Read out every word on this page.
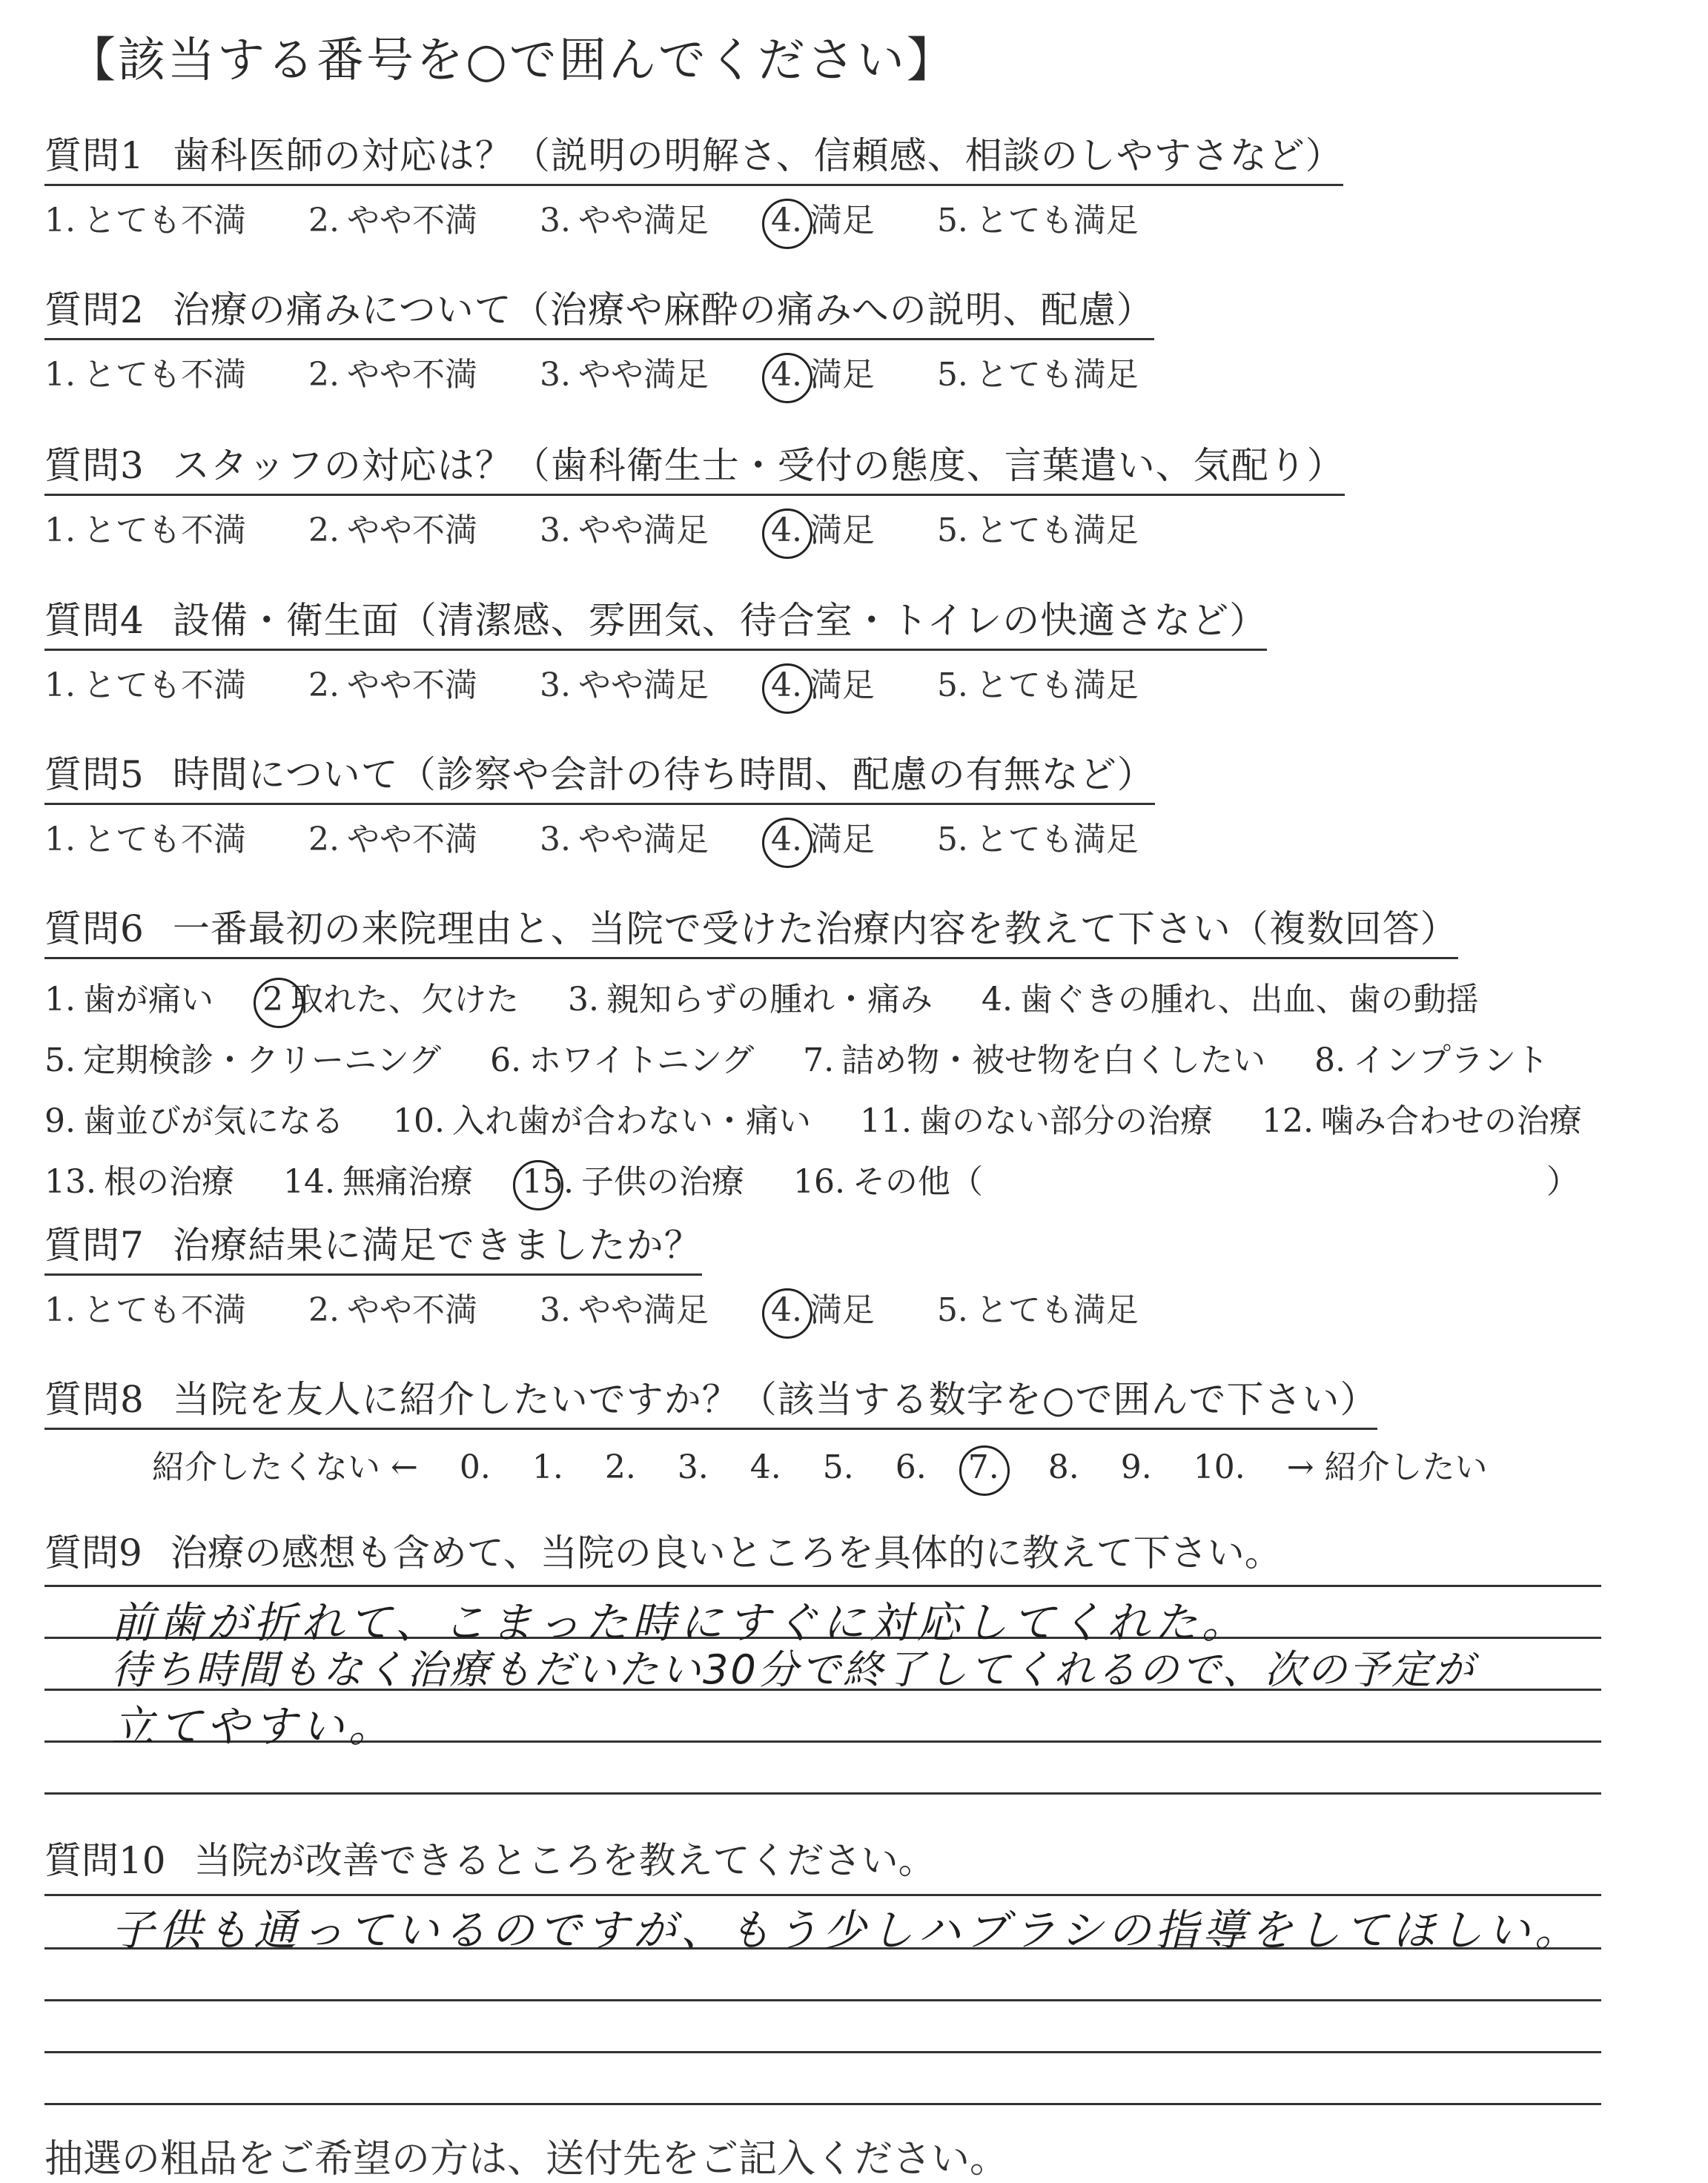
【該当する番号を○で囲んでください】
質問1 歯科医師の対応は？（説明の明解さ、信頼感、相談のしやすさなど）
1. とても不満 2. やや不満 3. やや満足 4. 満足 5. とても満足
質問2 治療の痛みについて（治療や麻酔の痛みへの説明、配慮）
1. とても不満 2. やや不満 3. やや満足 4. 満足 5. とても満足
質問3 スタッフの対応は？（歯科衛生士・受付の態度、言葉遣い、気配り）
1. とても不満 2. やや不満 3. やや満足 4. 満足 5. とても満足
質問4 設備・衛生面（清潔感、雰囲気、待合室・トイレの快適さなど）
1. とても不満 2. やや不満 3. やや満足 4. 満足 5. とても満足
質問5 時間について（診察や会計の待ち時間、配慮の有無など）
1. とても不満 2. やや不満 3. やや満足 4. 満足 5. とても満足
質問6 一番最初の来院理由と、当院で受けた治療内容を教えて下さい（複数回答）
1. 歯が痛い 2 取れた、欠けた 3. 親知らずの腫れ・痛み 4. 歯ぐきの腫れ、出血、歯の動揺
5. 定期検診・クリーニング 6. ホワイトニング 7. 詰め物・被せ物を白くしたい 8. インプラント
9. 歯並びが気になる 10. 入れ歯が合わない・痛い 11. 歯のない部分の治療 12. 噛み合わせの治療
13. 根の治療 14. 無痛治療 15. 子供の治療 16. その他（	）
質問7 治療結果に満足できましたか？
1. とても不満 2. やや不満 3. やや満足 4. 満足 5. とても満足
質問8 当院を友人に紹介したいですか？（該当する数字を○で囲んで下さい）
紹介したくない ← 0. 1. 2. 3. 4. 5. 6. 7. 8. 9. 10. → 紹介したい
質問9 治療の感想も含めて、当院の良いところを具体的に教えて下さい。
前歯が折れて、こまった時にすぐに対応してくれた。
待ち時間もなく治療もだいたい30分で終了してくれるので、次の予定が
立てやすい。
質問10 当院が改善できるところを教えてください。
子供も通っているのですが、もう少しハブラシの指導をしてほしい。
抽選の粗品をご希望の方は、送付先をご記入ください。
